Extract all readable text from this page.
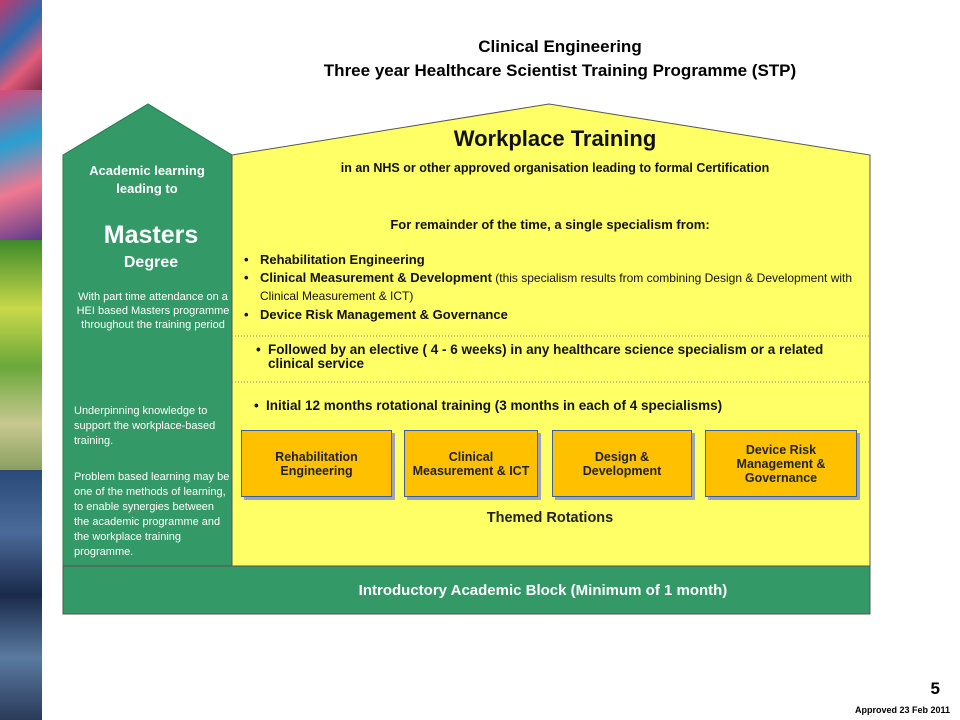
Clinical Engineering
Three year Healthcare Scientist Training Programme (STP)
Academic learning leading to
Masters
Degree
With part time attendance on a HEI based Masters programme throughout the training period
Underpinning knowledge to support the workplace-based training.
Problem based learning may be one of the methods of learning, to enable synergies between the academic programme and the workplace training programme.
Workplace Training
in an NHS or other approved organisation leading to formal Certification
For remainder of the time, a single specialism from:
• Rehabilitation Engineering
• Clinical Measurement & Development (this specialism results from combining Design & Development with Clinical Measurement & ICT)
• Device Risk Management & Governance
• Followed by an elective ( 4 - 6 weeks) in any healthcare science specialism or a related clinical service
• Initial 12 months rotational training (3 months in each of 4 specialisms)
Rehabilitation Engineering
Clinical Measurement & ICT
Design & Development
Device Risk Management & Governance
Themed Rotations
Introductory Academic Block (Minimum of 1 month)
5
Approved 23 Feb 2011
